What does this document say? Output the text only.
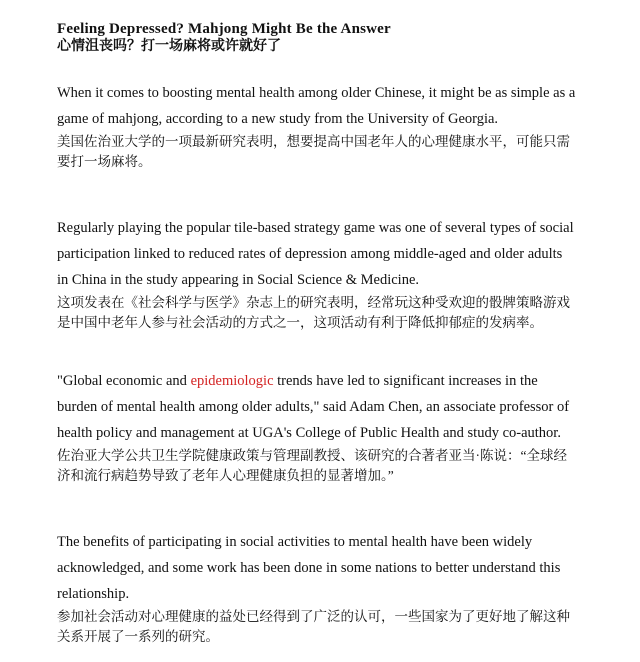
Feeling Depressed? Mahjong Might Be the Answer
心情沮丧吗？打一场麻将或许就好了

When it comes to boosting mental health among older Chinese, it might be as simple as a game of mahjong, according to a new study from the University of Georgia.

美国佐治亚大学的一项最新研究表明，想要提高中国老年人的心理健康水平，可能只需要打一场麻将。

Regularly playing the popular tile-based strategy game was one of several types of social participation linked to reduced rates of depression among middle-aged and older adults in China in the study appearing in Social Science & Medicine.

这项发表在《社会科学与医学》杂志上的研究表明，经常玩这种受欢迎的骰牌策略游戏是中国中老年人参与社会活动的方式之一，这项活动有利于降低抑郁症的发病率。

"Global economic and epidemiologic trends have led to significant increases in the burden of mental health among older adults," said Adam Chen, an associate professor of health policy and management at UGA's College of Public Health and study co-author.

佐治亚大学公共卫生学院健康政策与管理副教授、该研究的合著者亚当·陈说：“全球经济和流行病趋势导致了老年人心理健康负担的显著增加。”

The benefits of participating in social activities to mental health have been widely acknowledged, and some work has been done in some nations to better understand this relationship.

参加社会活动对心理健康的益处已经得到了广泛的认可，一些国家为了更好地了解这种关系开展了一系列的研究。
